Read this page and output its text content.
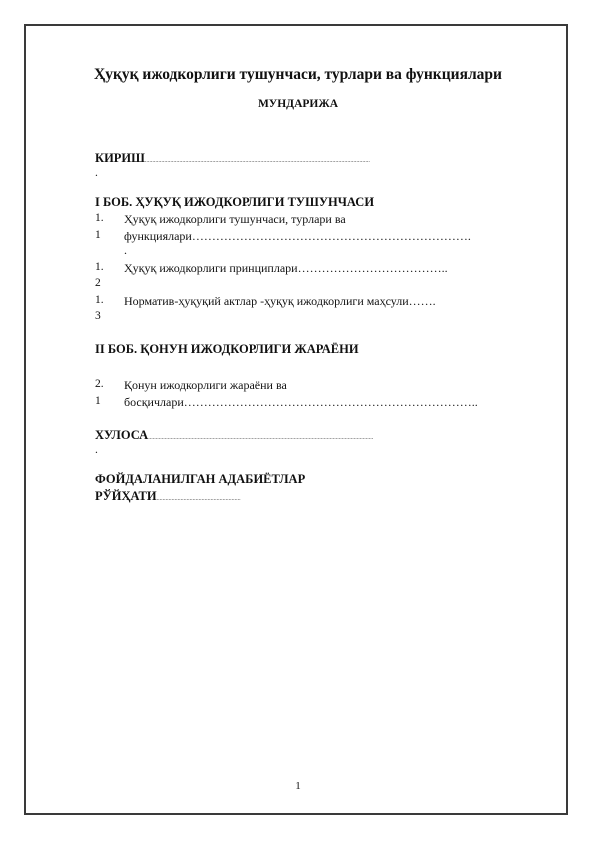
Ҳуқуқ ижодкорлиги тушунчаси, турлари ва функциялари
МУНДАРИЖА
КИРИШ......................................................................................................................................................
.
I БОБ. ҲУҚУҚ ИЖОДКОРЛИГИ ТУШУНЧАСИ
1. Ҳуқуқ ижодкорлиги тушунчаси, турлари ва
1 функциялари…………………………………………………………….
.
1. Ҳуқуқ ижодкорлиги принциплари………………………………..
2
1. Норматив-ҳуқуқий актлар -ҳуқуқ ижодкорлиги маҳсули…….
3
II БОБ. ҚОНУН ИЖОДКОРЛИГИ ЖАРАЁНИ
2. Қонун ижодкорлиги жараёни ва
1 босқичлари………………………………………………………………..
ХУЛОСА......................................................................................................................................................
.
ФОЙДАЛАНИЛГАН АДАБИЁТЛАР
РЎЙҲАТИ........................................................
1
